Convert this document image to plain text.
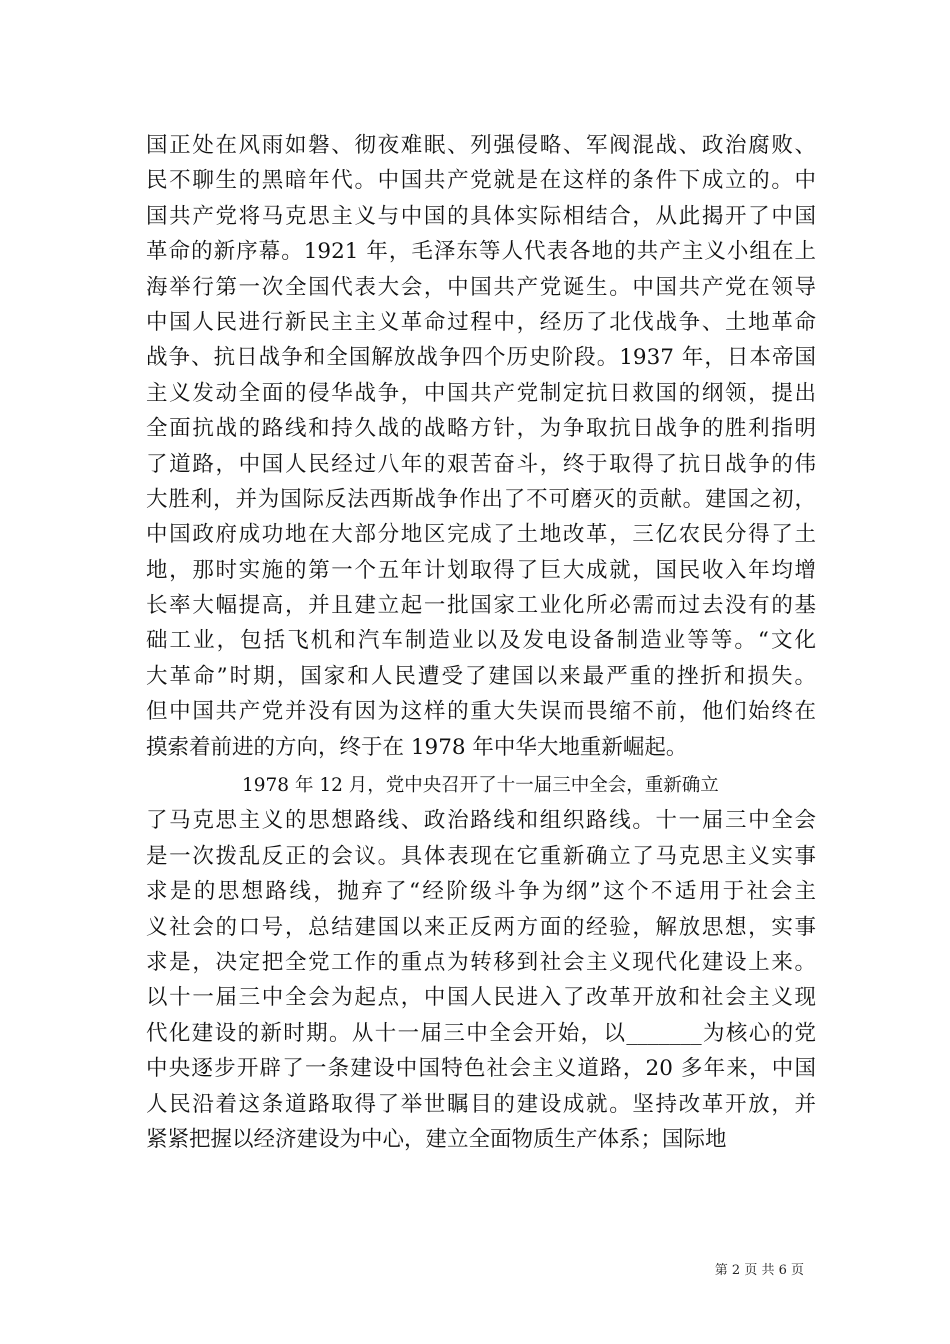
国正处在风雨如磐、彻夜难眠、列强侵略、军阀混战、政治腐败、
民不聊生的黑暗年代。中国共产党就是在这样的条件下成立的。中
国共产党将马克思主义与中国的具体实际相结合，从此揭开了中国
革命的新序幕。1921 年，毛泽东等人代表各地的共产主义小组在上
海举行第一次全国代表大会，中国共产党诞生。中国共产党在领导
中国人民进行新民主主义革命过程中，经历了北伐战争、土地革命
战争、抗日战争和全国解放战争四个历史阶段。1937 年，日本帝国
主义发动全面的侵华战争，中国共产党制定抗日救国的纲领，提出
全面抗战的路线和持久战的战略方针，为争取抗日战争的胜利指明
了道路，中国人民经过八年的艰苦奋斗，终于取得了抗日战争的伟
大胜利，并为国际反法西斯战争作出了不可磨灭的贡献。建国之初，
中国政府成功地在大部分地区完成了土地改革，三亿农民分得了土
地，那时实施的第一个五年计划取得了巨大成就，国民收入年均增
长率大幅提高，并且建立起一批国家工业化所必需而过去没有的基
础工业，包括飞机和汽车制造业以及发电设备制造业等等。“文化
大革命”时期，国家和人民遭受了建国以来最严重的挫折和损失。
但中国共产党并没有因为这样的重大失误而畏缩不前，他们始终在
摸索着前进的方向，终于在 1978 年中华大地重新崛起。
1978 年 12 月，党中央召开了十一届三中全会，重新确立
了马克思主义的思想路线、政治路线和组织路线。十一届三中全会
是一次拨乱反正的会议。具体表现在它重新确立了马克思主义实事
求是的思想路线，抛弃了“经阶级斗争为纲”这个不适用于社会主
义社会的口号，总结建国以来正反两方面的经验，解放思想，实事
求是，决定把全党工作的重点为转移到社会主义现代化建设上来。
以十一届三中全会为起点，中国人民进入了改革开放和社会主义现
代化建设的新时期。从十一届三中全会开始，以_______为核心的党
中央逐步开辟了一条建设中国特色社会主义道路，20 多年来，中国
人民沿着这条道路取得了举世瞩目的建设成就。坚持改革开放，并
紧紧把握以经济建设为中心，建立全面物质生产体系；国际地
第 2 页 共 6 页
